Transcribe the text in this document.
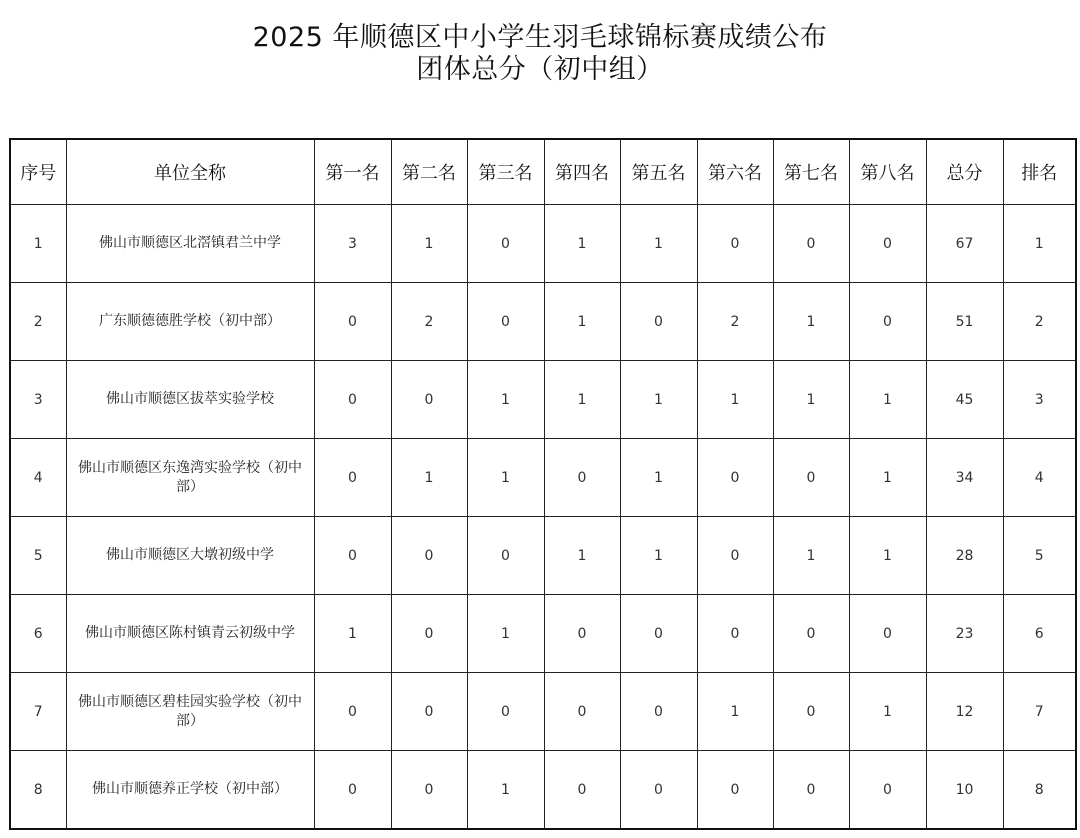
2025 年顺德区中小学生羽毛球锦标赛成绩公布
团体总分（初中组）
序号	单位全称	第一名	第二名	第三名	第四名	第五名	第六名	第七名	第八名	总分	排名
1	佛山市顺德区北滘镇君兰中学	3	1	0	1	1	0	0	0	67	1
2	广东顺德德胜学校（初中部）	0	2	0	1	0	2	1	0	51	2
3	佛山市顺德区拔萃实验学校	0	0	1	1	1	1	1	1	45	3
4	佛山市顺德区东逸湾实验学校（初中部）	0	1	1	0	1	0	0	1	34	4
5	佛山市顺德区大墩初级中学	0	0	0	1	1	0	1	1	28	5
6	佛山市顺德区陈村镇青云初级中学	1	0	1	0	0	0	0	0	23	6
7	佛山市顺德区碧桂园实验学校（初中部）	0	0	0	0	0	1	0	1	12	7
8	佛山市顺德养正学校（初中部）	0	0	1	0	0	0	0	0	10	8
